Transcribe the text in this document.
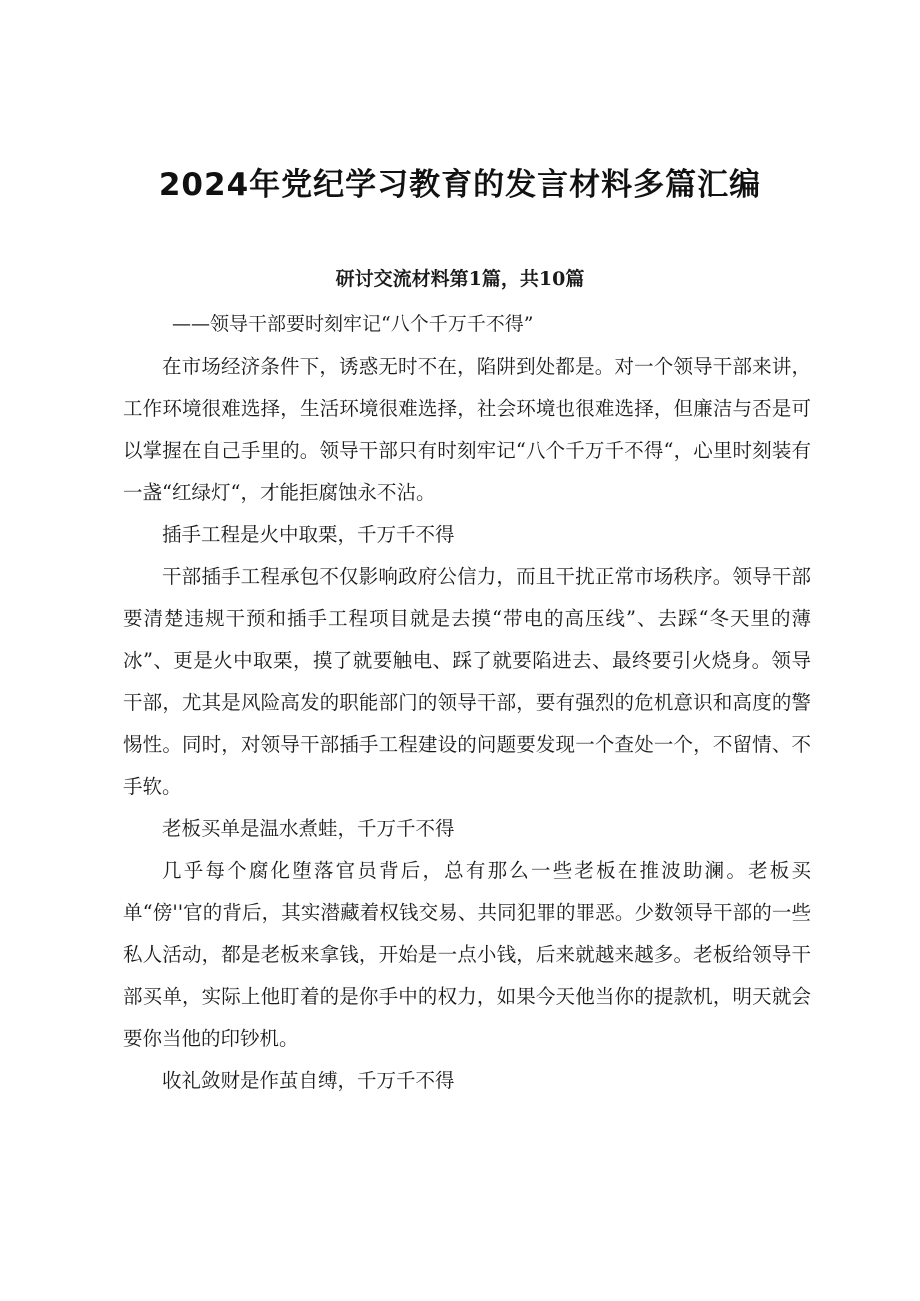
2024年党纪学习教育的发言材料多篇汇编

研讨交流材料第1篇，共10篇

——领导干部要时刻牢记“八个千万千不得”

在市场经济条件下，诱惑无时不在，陷阱到处都是。对一个领导干部来讲，工作环境很难选择，生活环境很难选择，社会环境也很难选择，但廉洁与否是可以掌握在自己手里的。领导干部只有时刻牢记“八个千万千不得“，心里时刻装有一盏“红绿灯“，才能拒腐蚀永不沾。

插手工程是火中取栗，千万千不得

干部插手工程承包不仅影响政府公信力，而且干扰正常市场秩序。领导干部要清楚违规干预和插手工程项目就是去摸“带电的高压线”、去踩“冬天里的薄冰”、更是火中取栗，摸了就要触电、踩了就要陷进去、最终要引火烧身。领导干部，尤其是风险高发的职能部门的领导干部，要有强烈的危机意识和高度的警惕性。同时，对领导干部插手工程建设的问题要发现一个查处一个，不留情、不手软。

老板买单是温水煮蛙，千万千不得

几乎每个腐化堕落官员背后，总有那么一些老板在推波助澜。老板买单“傍''官的背后，其实潜藏着权钱交易、共同犯罪的罪恶。少数领导干部的一些私人活动，都是老板来拿钱，开始是一点小钱，后来就越来越多。老板给领导干部买单，实际上他盯着的是你手中的权力，如果今天他当你的提款机，明天就会要你当他的印钞机。

收礼敛财是作茧自缚，千万千不得
